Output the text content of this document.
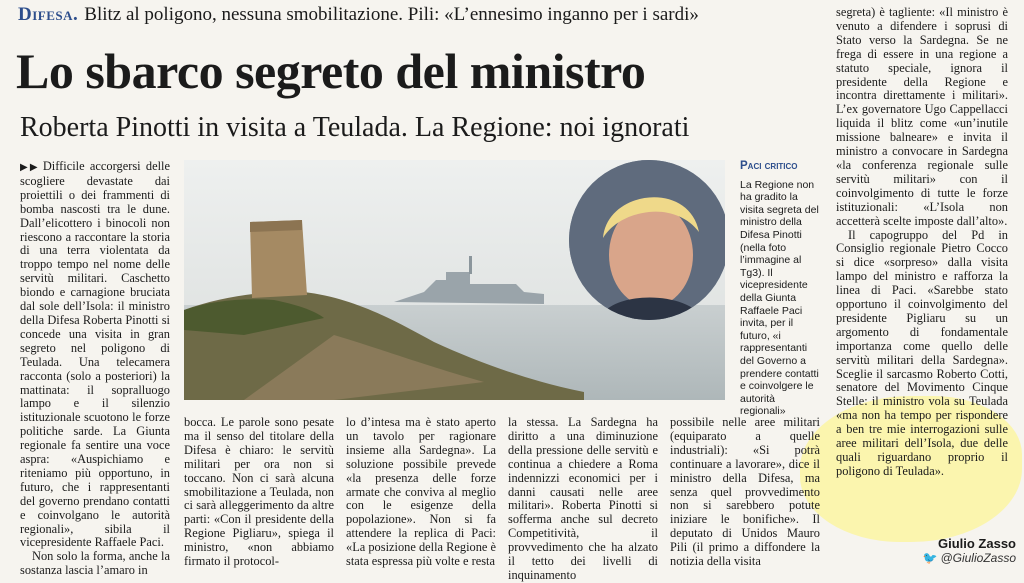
Difesa. Blitz al poligono, nessuna smobilitazione. Pili: «L’ennesimo inganno per i sardi»
Lo sbarco segreto del ministro
Roberta Pinotti in visita a Teulada. La Regione: noi ignorati

▶▶ Difficile accorgersi delle scogliere devastate dai proiettili o dei frammenti di bomba nascosti tra le dune. Dall’elicottero i binocoli non riescono a raccontare la storia di una terra violentata da troppo tempo nel nome delle servitù militari. Caschetto biondo e carnagione bruciata dal sole dell’Isola: il ministro della Difesa Roberta Pinotti si concede una visita in gran segreto nel poligono di Teulada. Una telecamera racconta (solo a posteriori) la mattinata: il sopralluogo lampo e il silenzio istituzionale scuotono le forze politiche sarde. La Giunta regionale fa sentire una voce aspra: «Auspichiamo e riteniamo più opportuno, in futuro, che i rappresentanti del governo prendano contatti e coinvolgano le autorità regionali», sibila il vicepresidente Raffaele Paci.

Non solo la forma, anche la sostanza lascia l’amaro in

Paci critico
La Regione non ha gradito la visita segreta del ministro della Difesa Pinotti (nella foto l’immagine al Tg3). Il vicepresidente della Giunta Raffaele Paci invita, per il futuro, «i rappresentanti del Governo a prendere contatti e coinvolgere le autorità regionali»
bocca. Le parole sono pesate ma il senso del titolare della Difesa è chiaro: le servitù militari per ora non si toccano. Non ci sarà alcuna smobilitazione a Teulada, non ci sarà alleggerimento da altre parti: «Con il presidente della Regione Pigliaru», spiega il ministro, «non abbiamo firmato il protocol-
lo d’intesa ma è stato aperto un tavolo per ragionare insieme alla Sardegna». La soluzione possibile prevede «la presenza delle forze armate che conviva al meglio con le esigenze della popolazione». Non si fa attendere la replica di Paci: «La posizione della Regione è stata espressa più volte e resta
la stessa. La Sardegna ha diritto a una diminuzione della pressione delle servitù e continua a chiedere a Roma indennizzi economici per i danni causati nelle aree militari». Roberta Pinotti si sofferma anche sul decreto Competitività, il provvedimento che ha alzato il tetto dei livelli di inquinamento
possibile nelle aree militari (equiparato a quelle industriali): «Si potrà continuare a lavorare», dice il ministro della Difesa, ma senza quel provvedimento non si sarebbero potute iniziare le bonifiche». Il deputato di Unidos Mauro Pili (il primo a diffondere la notizia della visita

segreta) è tagliente: «Il ministro è venuto a difendere i soprusi di Stato verso la Sardegna. Se ne frega di essere in una regione a statuto speciale, ignora il presidente della Regione e incontra direttamente i militari». L’ex governatore Ugo Cappellacci liquida il blitz come «un’inutile missione balneare» e invita il ministro a convocare in Sardegna «la conferenza regionale sulle servitù militari» con il coinvolgimento di tutte le forze istituzionali: «L’Isola non accetterà scelte imposte dall’alto».

Il capogruppo del Pd in Consiglio regionale Pietro Cocco si dice «sorpreso» dalla visita lampo del ministro e rafforza la linea di Paci. «Sarebbe stato opportuno il coinvolgimento del presidente Pigliaru su un argomento di fondamentale importanza come quello delle servitù militari della Sardegna». Sceglie il sarcasmo Roberto Cotti, senatore del Movimento Cinque Stelle: il ministro vola su Teulada «ma non ha tempo per rispondere a ben tre mie interrogazioni sulle aree militari dell’Isola, due delle quali riguardano proprio il poligono di Teulada».

Giulio Zasso
🐦 @GiulioZasso
